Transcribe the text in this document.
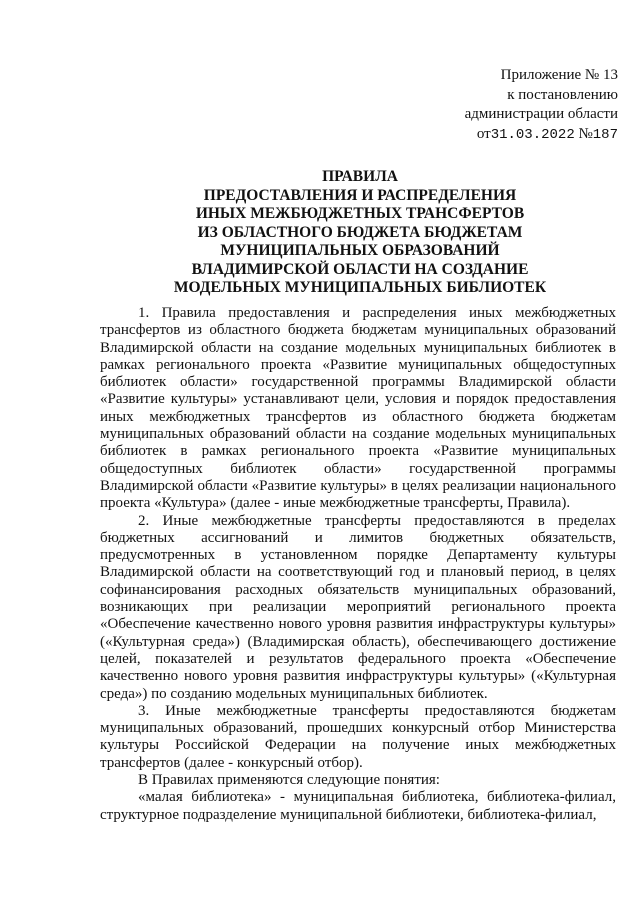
Приложение № 13
к постановлению
администрации области
от31.03.2022 №187
ПРАВИЛА
ПРЕДОСТАВЛЕНИЯ И РАСПРЕДЕЛЕНИЯ
ИНЫХ МЕЖБЮДЖЕТНЫХ ТРАНСФЕРТОВ
ИЗ ОБЛАСТНОГО БЮДЖЕТА БЮДЖЕТАМ
МУНИЦИПАЛЬНЫХ ОБРАЗОВАНИЙ
ВЛАДИМИРСКОЙ ОБЛАСТИ НА СОЗДАНИЕ
МОДЕЛЬНЫХ МУНИЦИПАЛЬНЫХ БИБЛИОТЕК

1. Правила предоставления и распределения иных межбюджетных трансфертов из областного бюджета бюджетам муниципальных образований Владимирской области на создание модельных муниципальных библиотек в рамках регионального проекта «Развитие муниципальных общедоступных библиотек области» государственной программы Владимирской области «Развитие культуры» устанавливают цели, условия и порядок предоставления иных межбюджетных трансфертов из областного бюджета бюджетам муниципальных образований области на создание модельных муниципальных библиотек в рамках регионального проекта «Развитие муниципальных общедоступных библиотек области» государственной программы Владимирской области «Развитие культуры» в целях реализации национального проекта «Культура» (далее - иные межбюджетные трансферты, Правила).

2. Иные межбюджетные трансферты предоставляются в пределах бюджетных ассигнований и лимитов бюджетных обязательств, предусмотренных в установленном порядке Департаменту культуры Владимирской области на соответствующий год и плановый период, в целях софинансирования расходных обязательств муниципальных образований, возникающих при реализации мероприятий регионального проекта «Обеспечение качественно нового уровня развития инфраструктуры культуры» («Культурная среда») (Владимирская область), обеспечивающего достижение целей, показателей и результатов федерального проекта «Обеспечение качественно нового уровня развития инфраструктуры культуры» («Культурная среда») по созданию модельных муниципальных библиотек.

3. Иные межбюджетные трансферты предоставляются бюджетам муниципальных образований, прошедших конкурсный отбор Министерства культуры Российской Федерации на получение иных межбюджетных трансфертов (далее - конкурсный отбор).

В Правилах применяются следующие понятия:

«малая библиотека» - муниципальная библиотека, библиотека-филиал, структурное подразделение муниципальной библиотеки, библиотека-филиал,
